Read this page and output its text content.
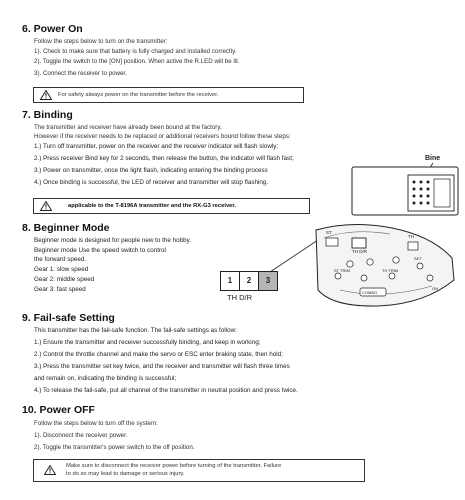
6. Power On
Follow the steps below to turn on the transmitter:
1). Check to make sure that battery is fully charged and installed correctly.
2). Toggle the switch to the [ON] position. When active the R.LED will be lit.
3). Connect the receiver to power.
For safety always power on the transmitter before the receiver.
7. Binding
The transmitter and receiver have already been bound at the factory.
However if the receiver needs to be replaced or additional receivers bound follow these steps:
1.) Turn off transmitter, power on the receiver and the receiver indicator will flash slowly;
2.) Press receiver Bind key for 2 seconds, then release the button, the indicator will flash fast;
3.) Power on transmitter, once the light flash, indicating entering the binding process
4.) Once binding is successful, the LED of receiver and transmitter will stop flashing.
Bine
applicable to the T-8196A transmitter and the RX-G3 receiver.
8. Beginner Mode
Beginner mode is designed for people new to the hobby.
Beginner mode Use the speed switch to control
the forward speed.
Gear 1: slow speed
Gear 2: middle speed
Gear 3: fast speed
1	2	3
TH D/R
ST
TH D/R
TH
ST TRIM	TH TRIM
SET
COMBO
ON
9. Fail-safe Setting
This transmitter has the fail-safe function. The fail-safe settings as follow:
1.) Ensure the transmitter and receiver successfully binding, and keep in working;
2.) Control the throttle channel and make the servo or ESC enter braking state, then hold;
3.) Press the transmitter set key twice, and the receiver and transmitter will flash three times
and remain on, indicating the binding is successful;
4.) To release the fail-safe, put all channel of the transmitter in neutral position and press twice.
10. Power OFF
Follow the steps below to turn off the system:
1). Disconnect the receiver power.
2). Toggle the transmitter's power switch to the off position.
Make sure to disconnect the receiver power before turning of the transmitter. Failure
to do so may lead to damage or serious injury.
